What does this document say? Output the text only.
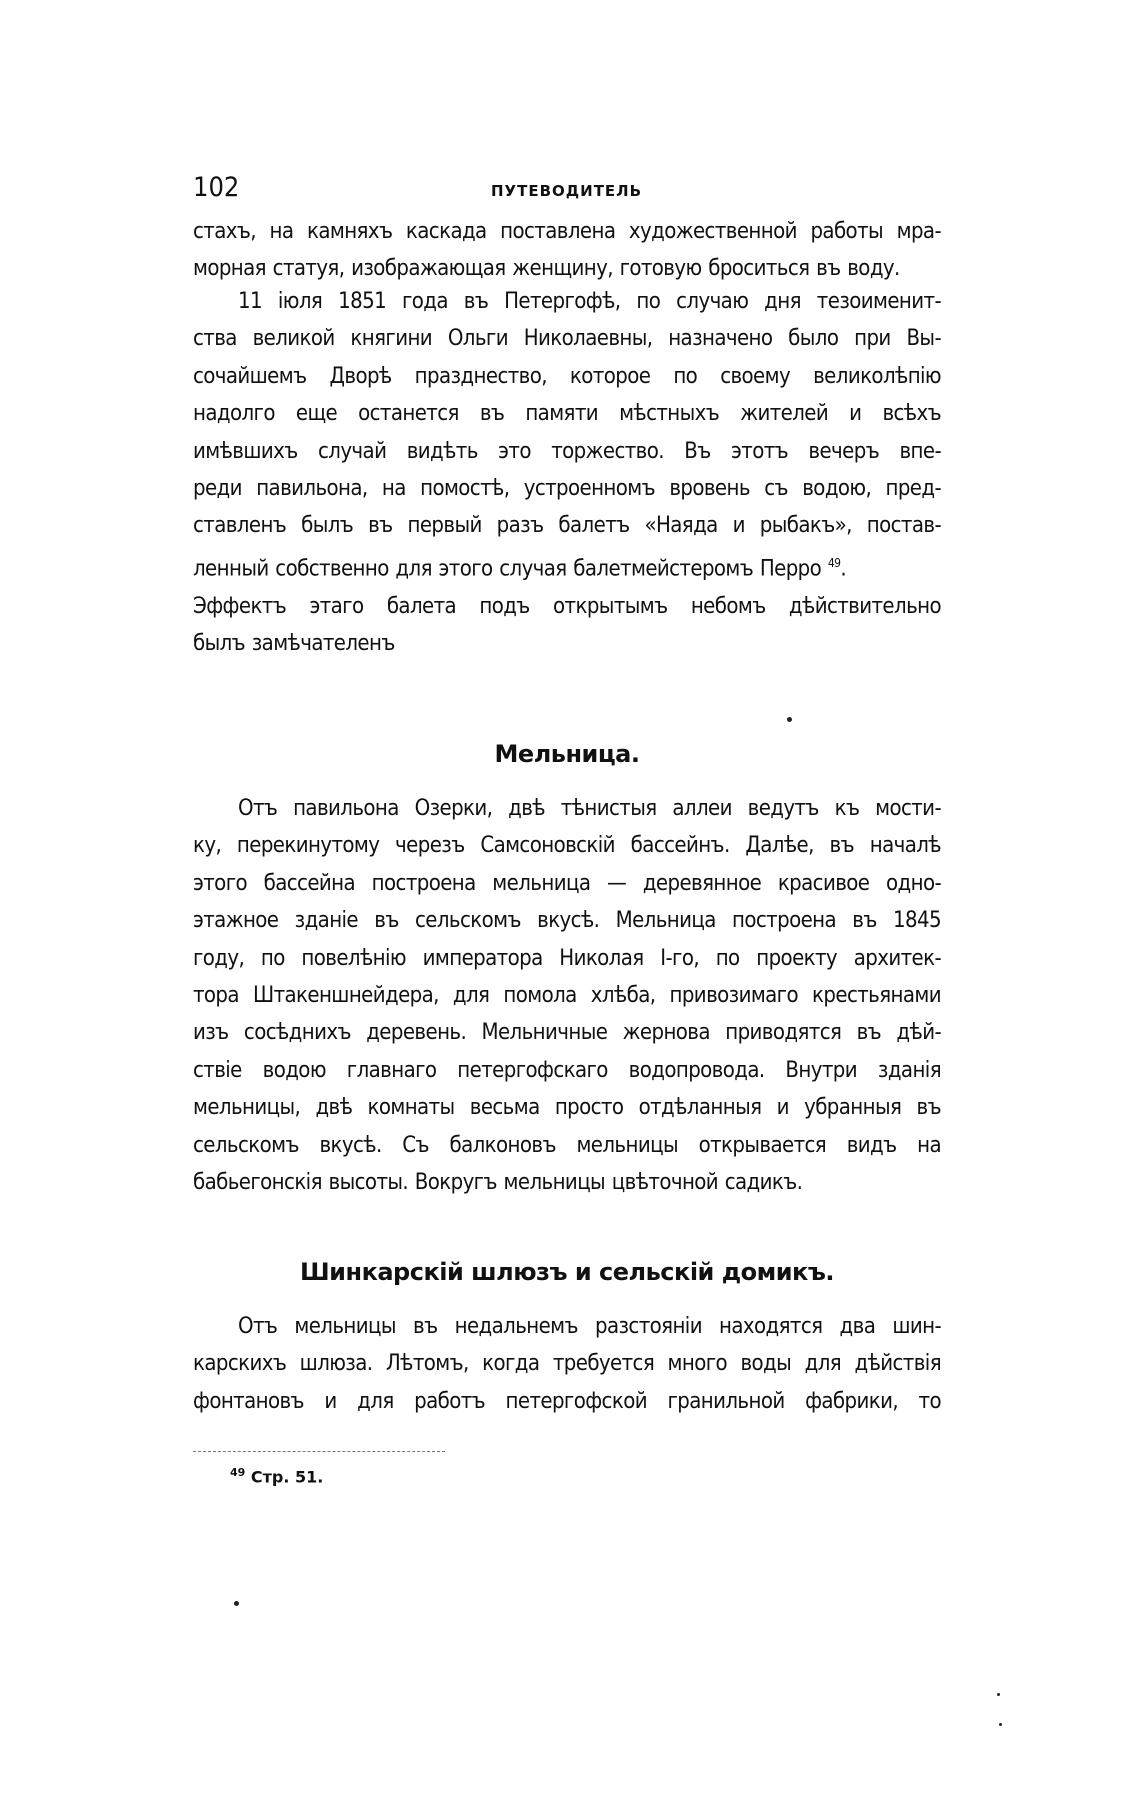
102	ПУТЕВОДИТЕЛЬ

стахъ, на камняхъ каскада поставлена художественной работы мра-
морная статуя, изображающая женщину, готовую броситься въ воду.

11 іюля 1851 года въ Петергофѣ, по случаю дня тезоименит-
ства великой княгини Ольги Николаевны, назначено было при Вы-
сочайшемъ Дворѣ празднество, которое по своему великолѣпію
надолго еще останется въ памяти мѣстныхъ жителей и всѣхъ
имѣвшихъ случай видѣть это торжество. Въ этотъ вечеръ впе-
реди павильона, на помостѣ, устроенномъ вровень съ водою, пред-
ставленъ былъ въ первый разъ балетъ «Наяда и рыбакъ», постав-
ленный собственно для этого случая балетмейстеромъ Перро $^{49}$.
Эффектъ этаго балета подъ открытымъ небомъ дѣйствительно
былъ замѣчателенъ

Мельница.

Отъ павильона Озерки, двѣ тѣнистыя аллеи ведутъ къ мости-
ку, перекинутому черезъ Самсоновскій бассейнъ. Далѣе, въ началѣ
этого бассейна построена мельница — деревянное красивое одно-
этажное зданіе въ сельскомъ вкусѣ. Мельница построена въ 1845
году, по повелѣнію императора Николая I-го, по проекту архитек-
тора Штакеншнейдера, для помола хлѣба, привозимаго крестьянами
изъ сосѣднихъ деревень. Мельничные жернова приводятся въ дѣй-
ствіе водою главнаго петергофскаго водопровода. Внутри зданія
мельницы, двѣ комнаты весьма просто отдѣланныя и убранныя въ
сельскомъ вкусѣ. Съ балконовъ мельницы открывается видъ на
бабьегонскія высоты. Вокругъ мельницы цвѣточной садикъ.

Шинкарскій шлюзъ и сельскій домикъ.

Отъ мельницы въ недальнемъ разстояніи находятся два шин-
карскихъ шлюза. Лѣтомъ, когда требуется много воды для дѣйствія
фонтановъ и для работъ петергофской гранильной фабрики, то

$^{49}$ Стр. 51.
